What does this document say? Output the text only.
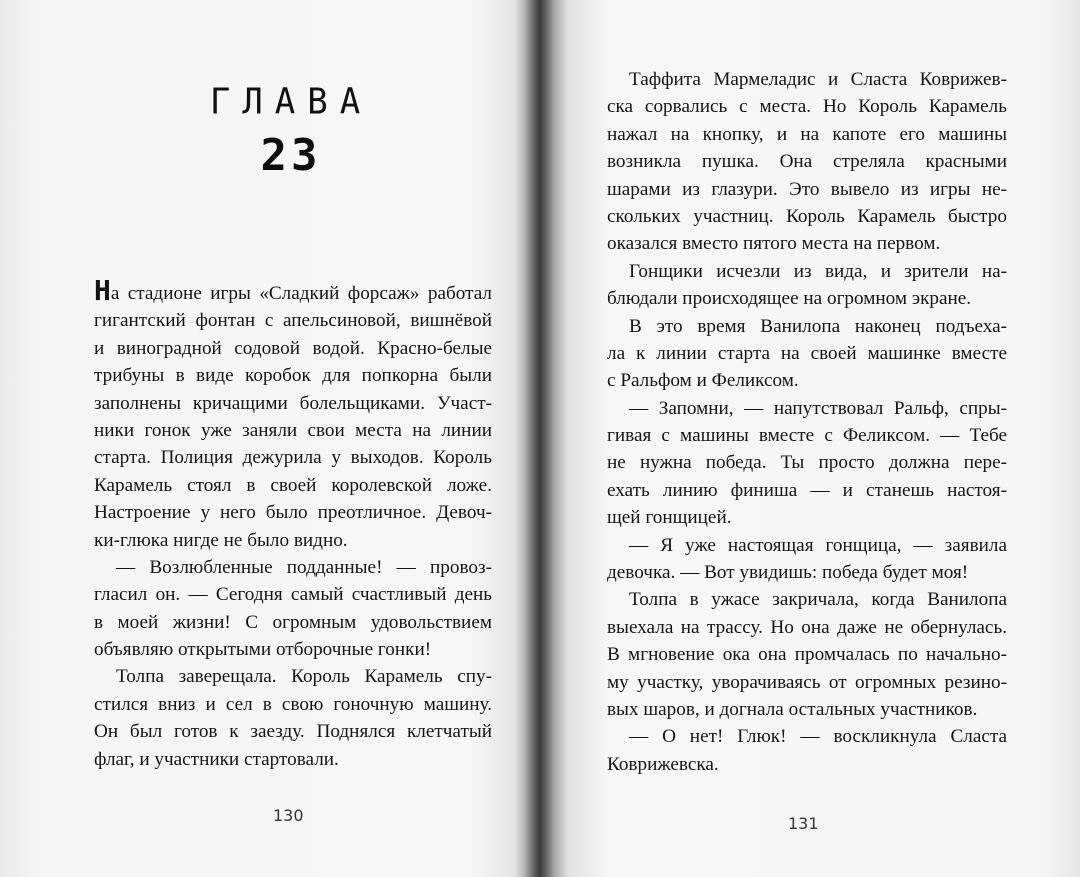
ГЛАВА
23
На стадионе игры «Сладкий форсаж» работал
гигантский фонтан с апельсиновой, вишнёвой
и виноградной содовой водой. Красно-белые
трибуны в виде коробок для попкорна были
заполнены кричащими болельщиками. Участ-
ники гонок уже заняли свои места на линии
старта. Полиция дежурила у выходов. Король
Карамель стоял в своей королевской ложе.
Настроение у него было преотличное. Девоч-
ки-глюка нигде не было видно.
— Возлюбленные подданные! — провоз-
гласил он. — Сегодня самый счастливый день
в моей жизни! С огромным удовольствием
объявляю открытыми отборочные гонки!
Толпа заверещала. Король Карамель спу-
стился вниз и сел в свою гоночную машину.
Он был готов к заезду. Поднялся клетчатый
флаг, и участники стартовали.
130
Таффита Мармеладис и Сласта Коврижев-
ска сорвались с места. Но Король Карамель
нажал на кнопку, и на капоте его машины
возникла пушка. Она стреляла красными
шарами из глазури. Это вывело из игры не-
скольких участниц. Король Карамель быстро
оказался вместо пятого места на первом.
Гонщики исчезли из вида, и зрители на-
блюдали происходящее на огромном экране.
В это время Ванилопа наконец подъеха-
ла к линии старта на своей машинке вместе
с Ральфом и Феликсом.
— Запомни, — напутствовал Ральф, спры-
гивая с машины вместе с Феликсом. — Тебе
не нужна победа. Ты просто должна пере-
ехать линию финиша — и станешь настоя-
щей гонщицей.
— Я уже настоящая гонщица, — заявила
девочка. — Вот увидишь: победа будет моя!
Толпа в ужасе закричала, когда Ванилопа
выехала на трассу. Но она даже не обернулась.
В мгновение ока она промчалась по начально-
му участку, уворачиваясь от огромных резино-
вых шаров, и догнала остальных участников.
— О нет! Глюк! — воскликнула Сласта
Коврижевска.
131
